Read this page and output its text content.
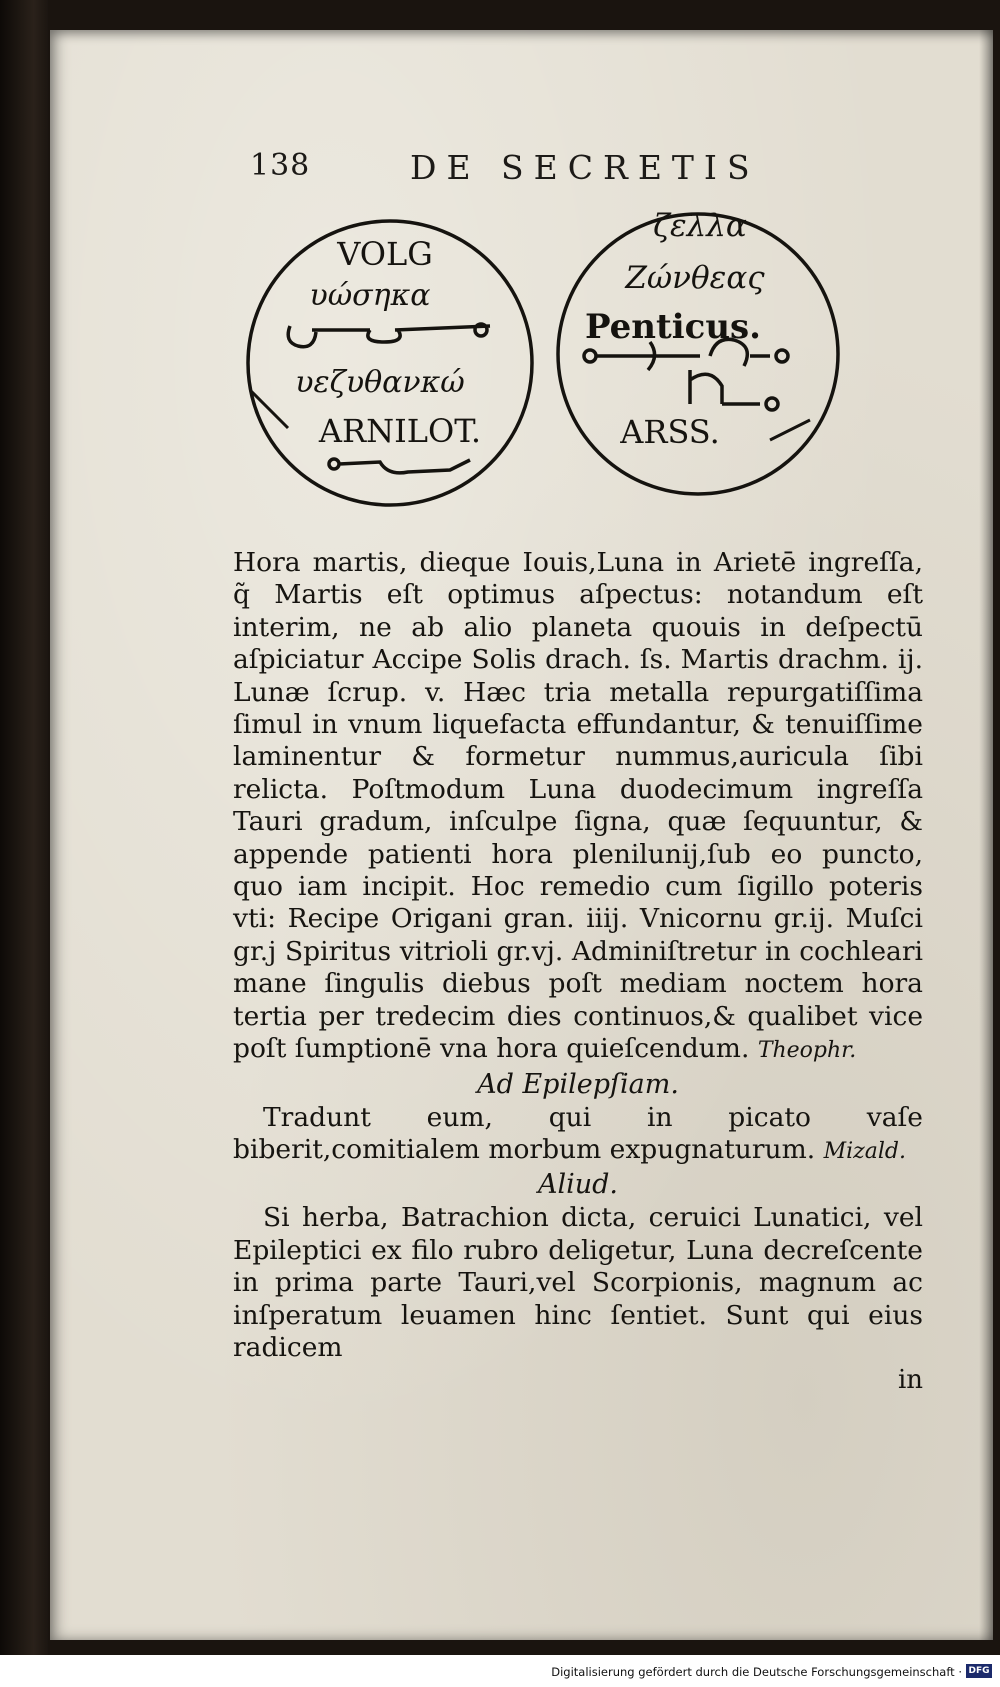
138	DE SECRETIS
VOLG
υώσηκα
υεζυθανκώ
ARNILOT.
ζελλα
Ζώνθεας
Penticus.
ARSS.

Hora martis, dieque Iouis,Luna in Arietē ingreſſa, q̃ Martis eſt optimus aſpectus: notandum eſt interim, ne ab alio planeta quouis in deſpectū aſpiciatur Accipe Solis drach. ſs. Martis drachm. ij. Lunæ ſcrup. v. Hæc tria metalla repurgatiſſima ſimul in vnum liquefacta effundantur, & tenuiſſime laminentur & formetur nummus,auricula ſibi relicta. Poſtmodum Luna duodecimum ingreſſa Tauri gradum, inſculpe ſigna, quæ ſequuntur, & appende patienti hora plenilunij,ſub eo puncto, quo iam incipit. Hoc remedio cum ſigillo poteris vti: Recipe Origani gran. iiij. Vnicornu gr.ij. Muſci gr.j Spiritus vitrioli gr.vj. Adminiſtretur in cochleari mane ſingulis diebus poſt mediam noctem hora tertia per tredecim dies continuos,& qualibet vice poſt ſumptionē vna hora quieſcendum. Theophr.

Ad Epilepſiam.

Tradunt eum, qui in picato vaſe biberit,comitialem morbum expugnaturum. Mizald.

Aliud.

Si herba, Batrachion dicta, ceruici Lunatici, vel Epileptici ex filo rubro deligetur, Luna decreſcente in prima parte Tauri,vel Scorpionis, magnum ac inſperatum leuamen hinc ſentiet. Sunt qui eius radicem

in

Digitalisierung gefördert durch die Deutsche Forschungsgemeinschaft · DFG
